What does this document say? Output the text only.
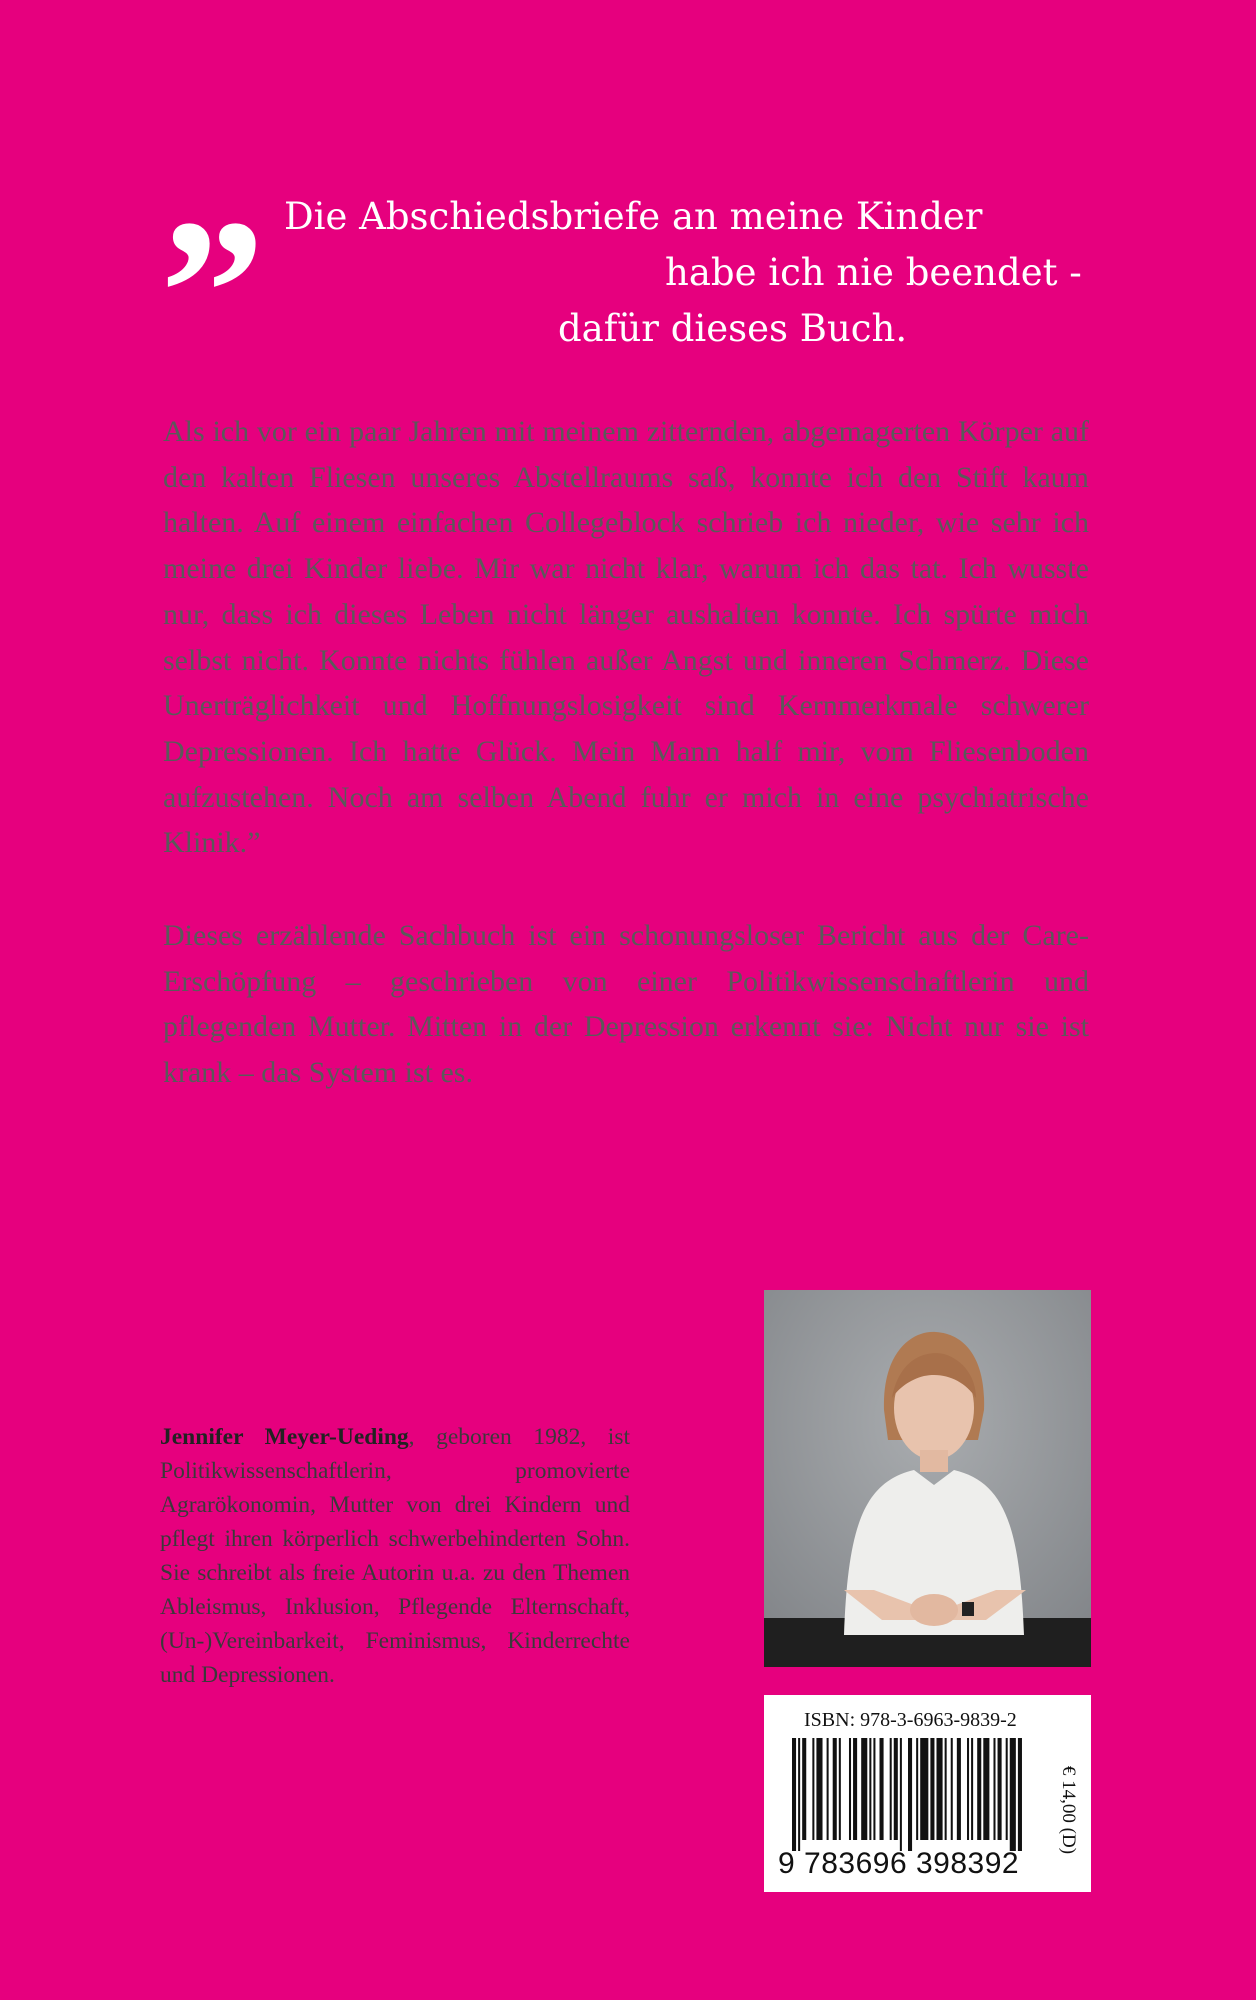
” Die Abschiedsbriefe an meine Kinder
habe ich nie beendet -
dafür dieses Buch.
Als ich vor ein paar Jahren mit meinem zitternden, abgemagerten Körper auf den kalten Fliesen unseres Abstellraums saß, konnte ich den Stift kaum halten. Auf einem einfachen Collegeblock schrieb ich nieder, wie sehr ich meine drei Kinder liebe. Mir war nicht klar, warum ich das tat. Ich wusste nur, dass ich dieses Leben nicht länger aushalten konnte. Ich spürte mich selbst nicht. Konnte nichts fühlen außer Angst und inneren Schmerz. Diese Unerträglichkeit und Hoffnungslosigkeit sind Kernmerkmale schwerer Depressionen. Ich hatte Glück. Mein Mann half mir, vom Fliesenboden aufzustehen. Noch am selben Abend fuhr er mich in eine psychiatrische Klinik.”
Dieses erzählende Sachbuch ist ein schonungsloser Bericht aus der Care-Erschöpfung – geschrieben von einer Politikwissenschaftlerin und pflegenden Mutter. Mitten in der Depression erkennt sie: Nicht nur sie ist krank – das System ist es.
Jennifer Meyer-Ueding, geboren 1982, ist Politikwissenschaftlerin, promovierte Agrarökonomin, Mutter von drei Kindern und pflegt ihren körperlich schwerbehinderten Sohn. Sie schreibt als freie Autorin u.a. zu den Themen Ableismus, Inklusion, Pflegende Elternschaft, (Un-)Vereinbarkeit, Feminismus, Kinderrechte und Depressionen.
ISBN: 978-3-6963-9839-2
9 783696 398392
€ 14,00 (D)
